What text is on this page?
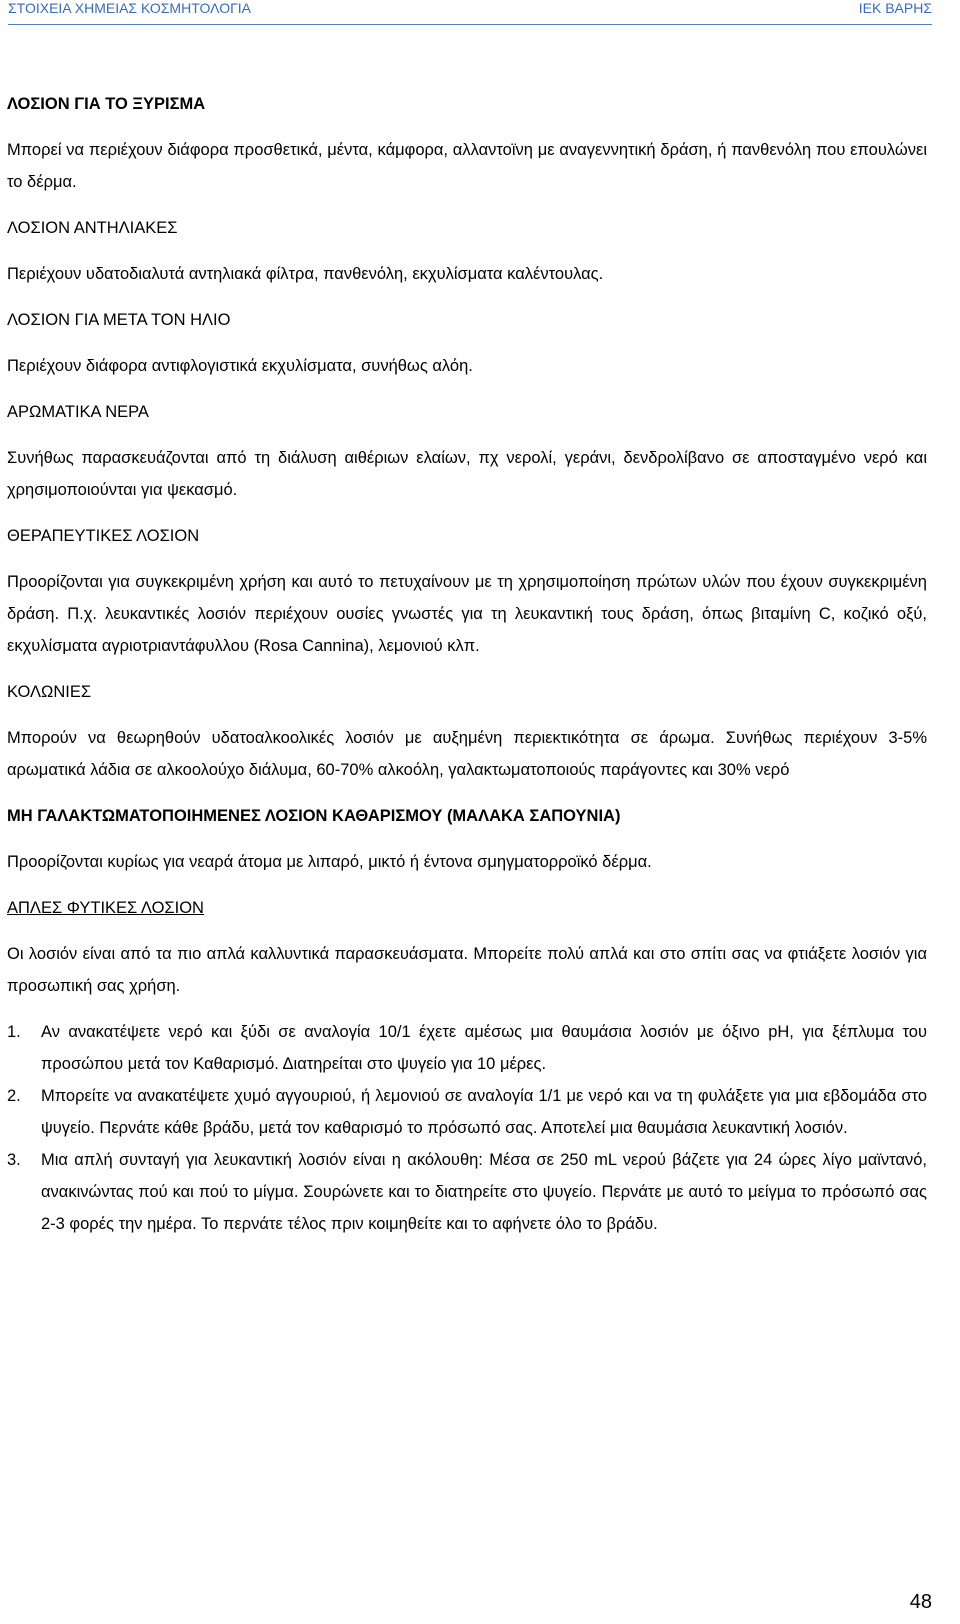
ΣΤΟΙΧΕΙΑ ΧΗΜΕΙΑΣ ΚΟΣΜΗΤΟΛΟΓΙΑ	ΙΕΚ ΒΑΡΗΣ

ΛΟΣΙΟΝ ΓΙΑ ΤΟ ΞΥΡΙΣΜΑ

Μπορεί να περιέχουν διάφορα προσθετικά, μέντα, κάμφορα, αλλαντοϊνη με αναγεννητική δράση, ή πανθενόλη που επουλώνει το δέρμα.

ΛΟΣΙΟΝ ΑΝΤΗΛΙΑΚΕΣ

Περιέχουν υδατοδιαλυτά αντηλιακά φίλτρα, πανθενόλη, εκχυλίσματα καλέντουλας.

ΛΟΣΙΟΝ ΓΙΑ ΜΕΤΑ ΤΟΝ ΗΛΙΟ

Περιέχουν διάφορα αντιφλογιστικά εκχυλίσματα, συνήθως αλόη.

ΑΡΩΜΑΤΙΚΑ ΝΕΡΑ

Συνήθως παρασκευάζονται από τη διάλυση αιθέριων ελαίων, πχ νερολί, γεράνι, δενδρολίβανο σε αποσταγμένο νερό και χρησιμοποιούνται για ψεκασμό.

ΘΕΡΑΠΕΥΤΙΚΕΣ ΛΟΣΙΟΝ

Προορίζονται για συγκεκριμένη χρήση και αυτό το πετυχαίνουν με τη χρησιμοποίηση πρώτων υλών που έχουν συγκεκριμένη δράση. Π.χ. λευκαντικές λοσιόν περιέχουν ουσίες γνωστές για τη λευκαντική τους δράση, όπως βιταμίνη C, κοζικό οξύ, εκχυλίσματα αγριοτριαντάφυλλου (Rosa Cannina), λεμονιού κλπ.

ΚΟΛΩΝΙΕΣ

Μπορούν να θεωρηθούν υδατοαλκοολικές λοσιόν με αυξημένη περιεκτικότητα σε άρωμα. Συνήθως περιέχουν 3-5% αρωματικά λάδια σε αλκοολούχο διάλυμα, 60-70% αλκοόλη, γαλακτωματοποιούς παράγοντες και 30% νερό

ΜΗ ΓΑΛΑΚΤΩΜΑΤΟΠΟΙΗΜΕΝΕΣ ΛΟΣΙΟΝ ΚΑΘΑΡΙΣΜΟΥ (ΜΑΛΑΚΑ ΣΑΠΟΥΝΙΑ)

Προορίζονται κυρίως για νεαρά άτομα με λιπαρό, μικτό ή έντονα σμηγματορροϊκό δέρμα.

ΑΠΛΕΣ ΦΥΤΙΚΕΣ ΛΟΣΙΟΝ

Οι λοσιόν είναι από τα πιο απλά καλλυντικά παρασκευάσματα. Μπορείτε πολύ απλά και στο σπίτι σας να φτιάξετε λοσιόν για προσωπική σας χρήση.

1. Αν ανακατέψετε νερό και ξύδι σε αναλογία 10/1 έχετε αμέσως μια θαυμάσια λοσιόν με όξινο pH, για ξέπλυμα του προσώπου μετά τον Καθαρισμό. Διατηρείται στο ψυγείο για 10 μέρες.
2. Μπορείτε να ανακατέψετε χυμό αγγουριού, ή λεμονιού σε αναλογία 1/1 με νερό και να τη φυλάξετε για μια εβδομάδα στο ψυγείο. Περνάτε κάθε βράδυ, μετά τον καθαρισμό το πρόσωπό σας. Αποτελεί μια θαυμάσια λευκαντική λοσιόν.
3. Μια απλή συνταγή για λευκαντική λοσιόν είναι η ακόλουθη: Μέσα σε 250 mL νερού βάζετε για 24 ώρες λίγο μαϊντανό, ανακινώντας πού και πού το μίγμα. Σουρώνετε και το διατηρείτε στο ψυγείο. Περνάτε με αυτό το μείγμα το πρόσωπό σας 2-3 φορές την ημέρα. Το περνάτε τέλος πριν κοιμηθείτε και το αφήνετε όλο το βράδυ.
48
